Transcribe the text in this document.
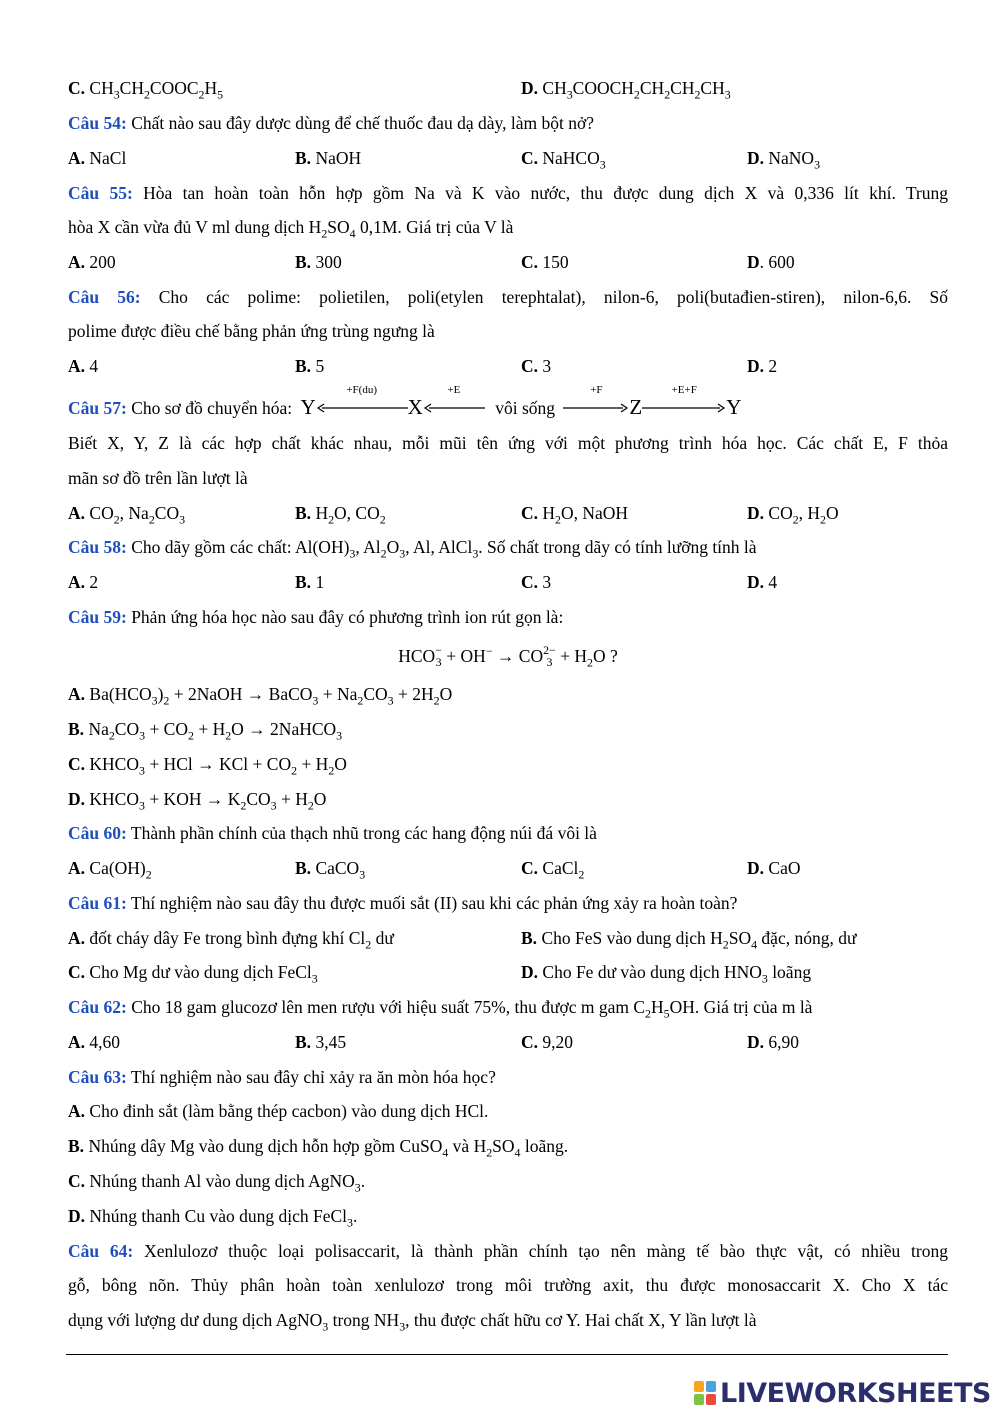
C. $CH_3CH_2COOC_2H_5$	D. $CH_3COOCH_2CH_2CH_2CH_3$
Câu 54: Chất nào sau đây dược dùng để chế thuốc đau dạ dày, làm bột nở?
A. NaCl	B. NaOH	C. NaHCO$_3$	D. NaNO$_3$
Câu 55: Hòa tan hoàn toàn hỗn hợp gồm Na và K vào nước, thu được dung dịch X và 0,336 lít khí. Trung
hòa X cần vừa đủ V ml dung dịch $H_2SO_4$ 0,1M. Giá trị của V là
A. 200	B. 300	C. 150	D. 600
Câu 56: Cho các polime: polietilen, poli(etylen terephtalat), nilon-6, poli(butađien-stiren), nilon-6,6. Số
polime được điều chế bằng phản ứng trùng ngưng là
A. 4	B. 5	C. 3	D. 2
Câu 57: Cho sơ đồ chuyển hóa: Y
+F(du)
X
+E
vôi sống
+F
Z
+E+F
Y
Biết X, Y, Z là các hợp chất khác nhau, mỗi mũi tên ứng với một phương trình hóa học. Các chất E, F thỏa
mãn sơ đồ trên lần lượt là
A. $CO_2$, $Na_2CO_3$	B. $H_2O$, $CO_2$	C. $H_2O$, NaOH	D. $CO_2$, $H_2O$
Câu 58: Cho dãy gồm các chất: $Al(OH)_3$, $Al_2O_3$, Al, AlCl$_3$. Số chất trong dãy có tính lưỡng tính là
A. 2	B. 1	C. 3	D. 4
Câu 59: Phản ứng hóa học nào sau đây có phương trình ion rút gọn là:
HCO −
3 + OH− → CO 2−
$3 + H_2O$ ?
A. $Ba(HCO_3)_2$ + 2NaOH → BaCO$_3$ + $Na_2CO_3 + 2H_2O$
B. $Na_2CO_3 + CO_2 + H_2O$ → 2NaHCO$_3$
C. $KHCO_3$ + HCl → KCl + $CO_2 + H_2O$
D. $KHCO_3$ + KOH → $K_2CO_3 + H_2O$
Câu 60: Thành phần chính của thạch nhũ trong các hang động núi đá vôi là
A. $Ca(OH)_2$	B. CaCO$_3$	C. CaCl$_2$	D. CaO
Câu 61: Thí nghiệm nào sau đây thu được muối sắt (II) sau khi các phản ứng xảy ra hoàn toàn?
A. đốt cháy dây Fe trong bình đựng khí $Cl_2$ dư	B. Cho FeS vào dung dịch $H_2SO_4$ đặc, nóng, dư
C. Cho Mg dư vào dung dịch FeCl$_3$	D. Cho Fe dư vào dung dịch $HNO_3$ loãng
Câu 62: Cho 18 gam glucozơ lên men rượu với hiệu suất 75%, thu được m gam $C_2H_5OH$. Giá trị của m là
A. 4,60	B. 3,45	C. 9,20	D. 6,90
Câu 63: Thí nghiệm nào sau đây chỉ xảy ra ăn mòn hóa học?
A. Cho đinh sắt (làm bằng thép cacbon) vào dung dịch HCl.
B. Nhúng dây Mg vào dung dịch hỗn hợp gồm CuSO$_4$ và $H_2SO_4$ loãng.
C. Nhúng thanh Al vào dung dịch AgNO$_3$.
D. Nhúng thanh Cu vào dung dịch FeCl$_3$.
Câu 64: Xenlulozơ thuộc loại polisaccarit, là thành phần chính tạo nên màng tế bào thực vật, có nhiều trong
gỗ, bông nõn. Thủy phân hoàn toàn xenlulozơ trong môi trường axit, thu được monosaccarit X. Cho X tác
dụng với lượng dư dung dịch AgNO$_3$ trong $NH_3$, thu được chất hữu cơ Y. Hai chất X, Y lần lượt là
LIVEWORKSHEETS
